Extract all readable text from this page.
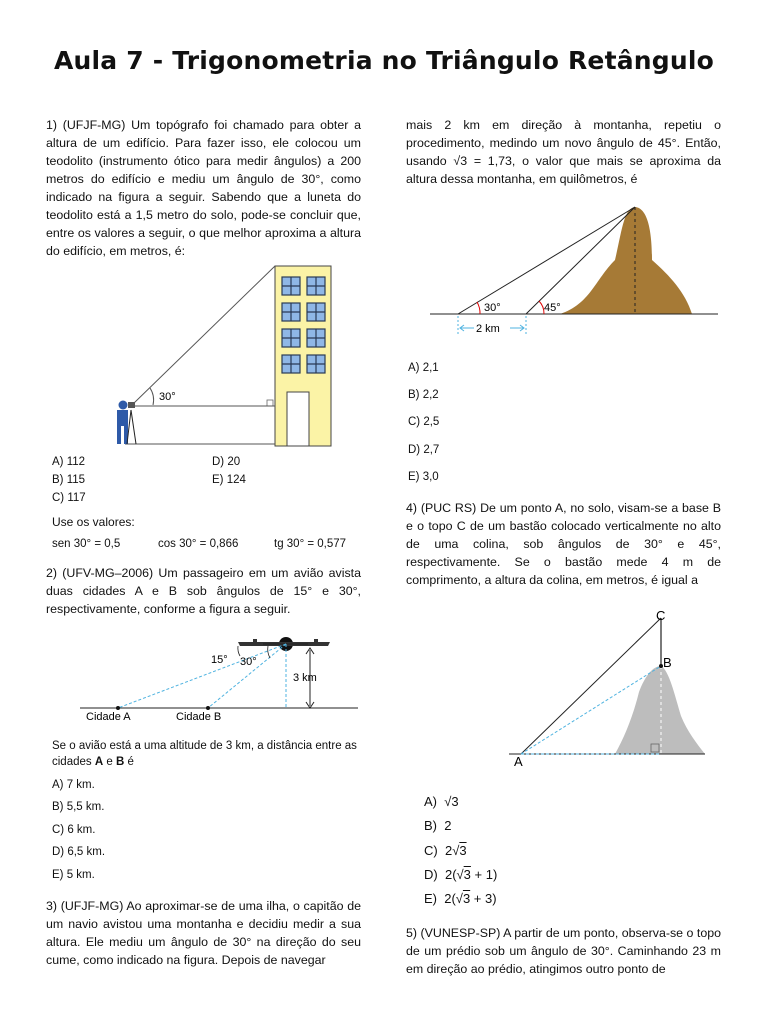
Aula 7 - Trigonometria no Triângulo Retângulo

1) (UFJF-MG) Um topógrafo foi chamado para obter a altura de um edifício. Para fazer isso, ele colocou um teodolito (instrumento ótico para medir ângulos) a 200 metros do edifício e mediu um ângulo de 30°, como indicado na figura a seguir. Sabendo que a luneta do teodolito está a 1,5 metro do solo, pode-se concluir que, entre os valores a seguir, o que melhor aproxima a altura do edifício, em metros, é:

30°
A) 112
B) 115
C) 117
D) 20
E) 124
Use os valores:
sen 30° = 0,5	cos 30° = 0,866	tg 30° = 0,577

2) (UFV-MG–2006) Um passageiro em um avião avista duas cidades A e B sob ângulos de 15° e 30°, respectivamente, conforme a figura a seguir.

15° 30°
3 km
Cidade A	Cidade B
Se o avião está a uma altitude de 3 km, a distância entre as cidades A e B é
A) 7 km.
B) 5,5 km.
C) 6 km.
D) 6,5 km.
E) 5 km.

3) (UFJF-MG) Ao aproximar-se de uma ilha, o capitão de um navio avistou uma montanha e decidiu medir a sua altura. Ele mediu um ângulo de 30° na direção do seu cume, como indicado na figura. Depois de navegar

mais 2 km em direção à montanha, repetiu o procedimento, medindo um novo ângulo de 45°. Então, usando √3 = 1,73, o valor que mais se aproxima da altura dessa montanha, em quilômetros, é

30°	45°
2 km
A) 2,1
B) 2,2
C) 2,5
D) 2,7
E) 3,0

4) (PUC RS) De um ponto A, no solo, visam-se a base B e o topo C de um bastão colocado verticalmente no alto de uma colina, sob ângulos de 30° e 45°, respectivamente. Se o bastão mede 4 m de comprimento, a altura da colina, em metros, é igual a

C
B
A
A) √3
B) 2
C) 2√3
D) 2(√3 + 1)
E) 2(√3 + 3)

5) (VUNESP-SP) A partir de um ponto, observa-se o topo de um prédio sob um ângulo de 30°. Caminhando 23 m em direção ao prédio, atingimos outro ponto de
